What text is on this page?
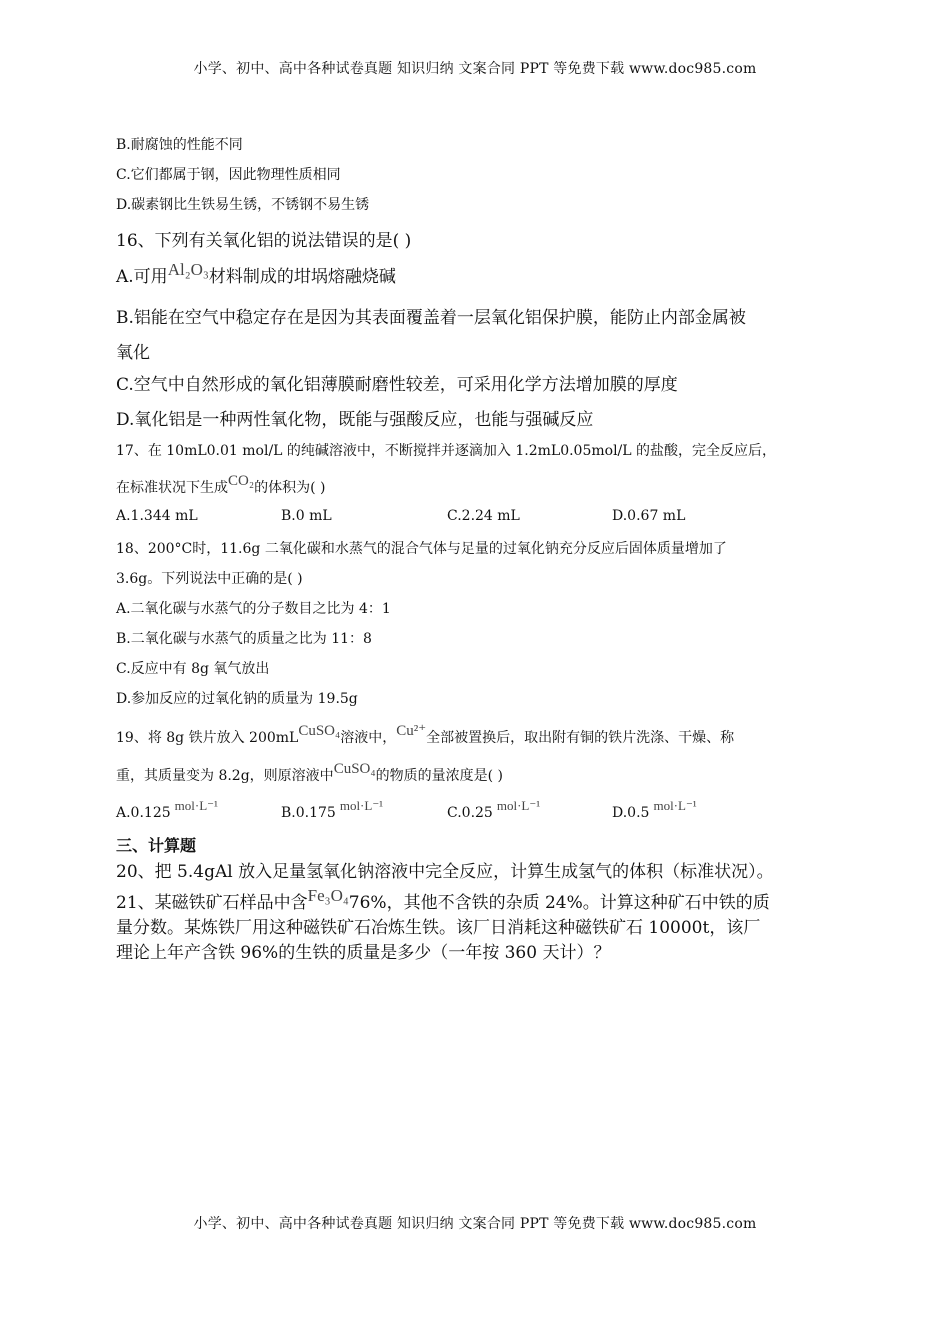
小学、初中、高中各种试卷真题 知识归纳 文案合同 PPT 等免费下载 www.doc985.com
B.耐腐蚀的性能不同
C.它们都属于钢，因此物理性质相同
D.碳素钢比生铁易生锈，不锈钢不易生锈
16、下列有关氧化铝的说法错误的是( )
A.可用Al₂O₃材料制成的坩埚熔融烧碱
B.铝能在空气中稳定存在是因为其表面覆盖着一层氧化铝保护膜，能防止内部金属被
氧化
C.空气中自然形成的氧化铝薄膜耐磨性较差，可采用化学方法增加膜的厚度
D.氧化铝是一种两性氧化物，既能与强酸反应，也能与强碱反应
17、在 10mL0.01 mol/L 的纯碱溶液中，不断搅拌并逐滴加入 1.2mL0.05mol/L 的盐酸，完全反应后，
在标准状况下生成CO₂的体积为( )
A.1.344 mL	B.0 mL	C.2.24 mL	D.0.67 mL
18、200°C时，11.6g 二氧化碳和水蒸气的混合气体与足量的过氧化钠充分反应后固体质量增加了
3.6g。下列说法中正确的是( )
A.二氧化碳与水蒸气的分子数目之比为 4：1
B.二氧化碳与水蒸气的质量之比为 11：8
C.反应中有 8g 氧气放出
D.参加反应的过氧化钠的质量为 19.5g
19、将 8g 铁片放入 200mLCuSO₄溶液中，Cu²⁺全部被置换后，取出附有铜的铁片洗涤、干燥、称
重，其质量变为 8.2g，则原溶液中CuSO₄的物质的量浓度是( )
A.0.125 mol·L⁻¹	B.0.175 mol·L⁻¹	C.0.25 mol·L⁻¹	D.0.5 mol·L⁻¹
三、计算题
20、把 5.4gAl 放入足量氢氧化钠溶液中完全反应，计算生成氢气的体积（标准状况）。
21、某磁铁矿石样品中含Fe₃O₄76%，其他不含铁的杂质 24%。计算这种矿石中铁的质
量分数。某炼铁厂用这种磁铁矿石冶炼生铁。该厂日消耗这种磁铁矿石 10000t，该厂
理论上年产含铁 96%的生铁的质量是多少（一年按 360 天计）？
小学、初中、高中各种试卷真题 知识归纳 文案合同 PPT 等免费下载 www.doc985.com
